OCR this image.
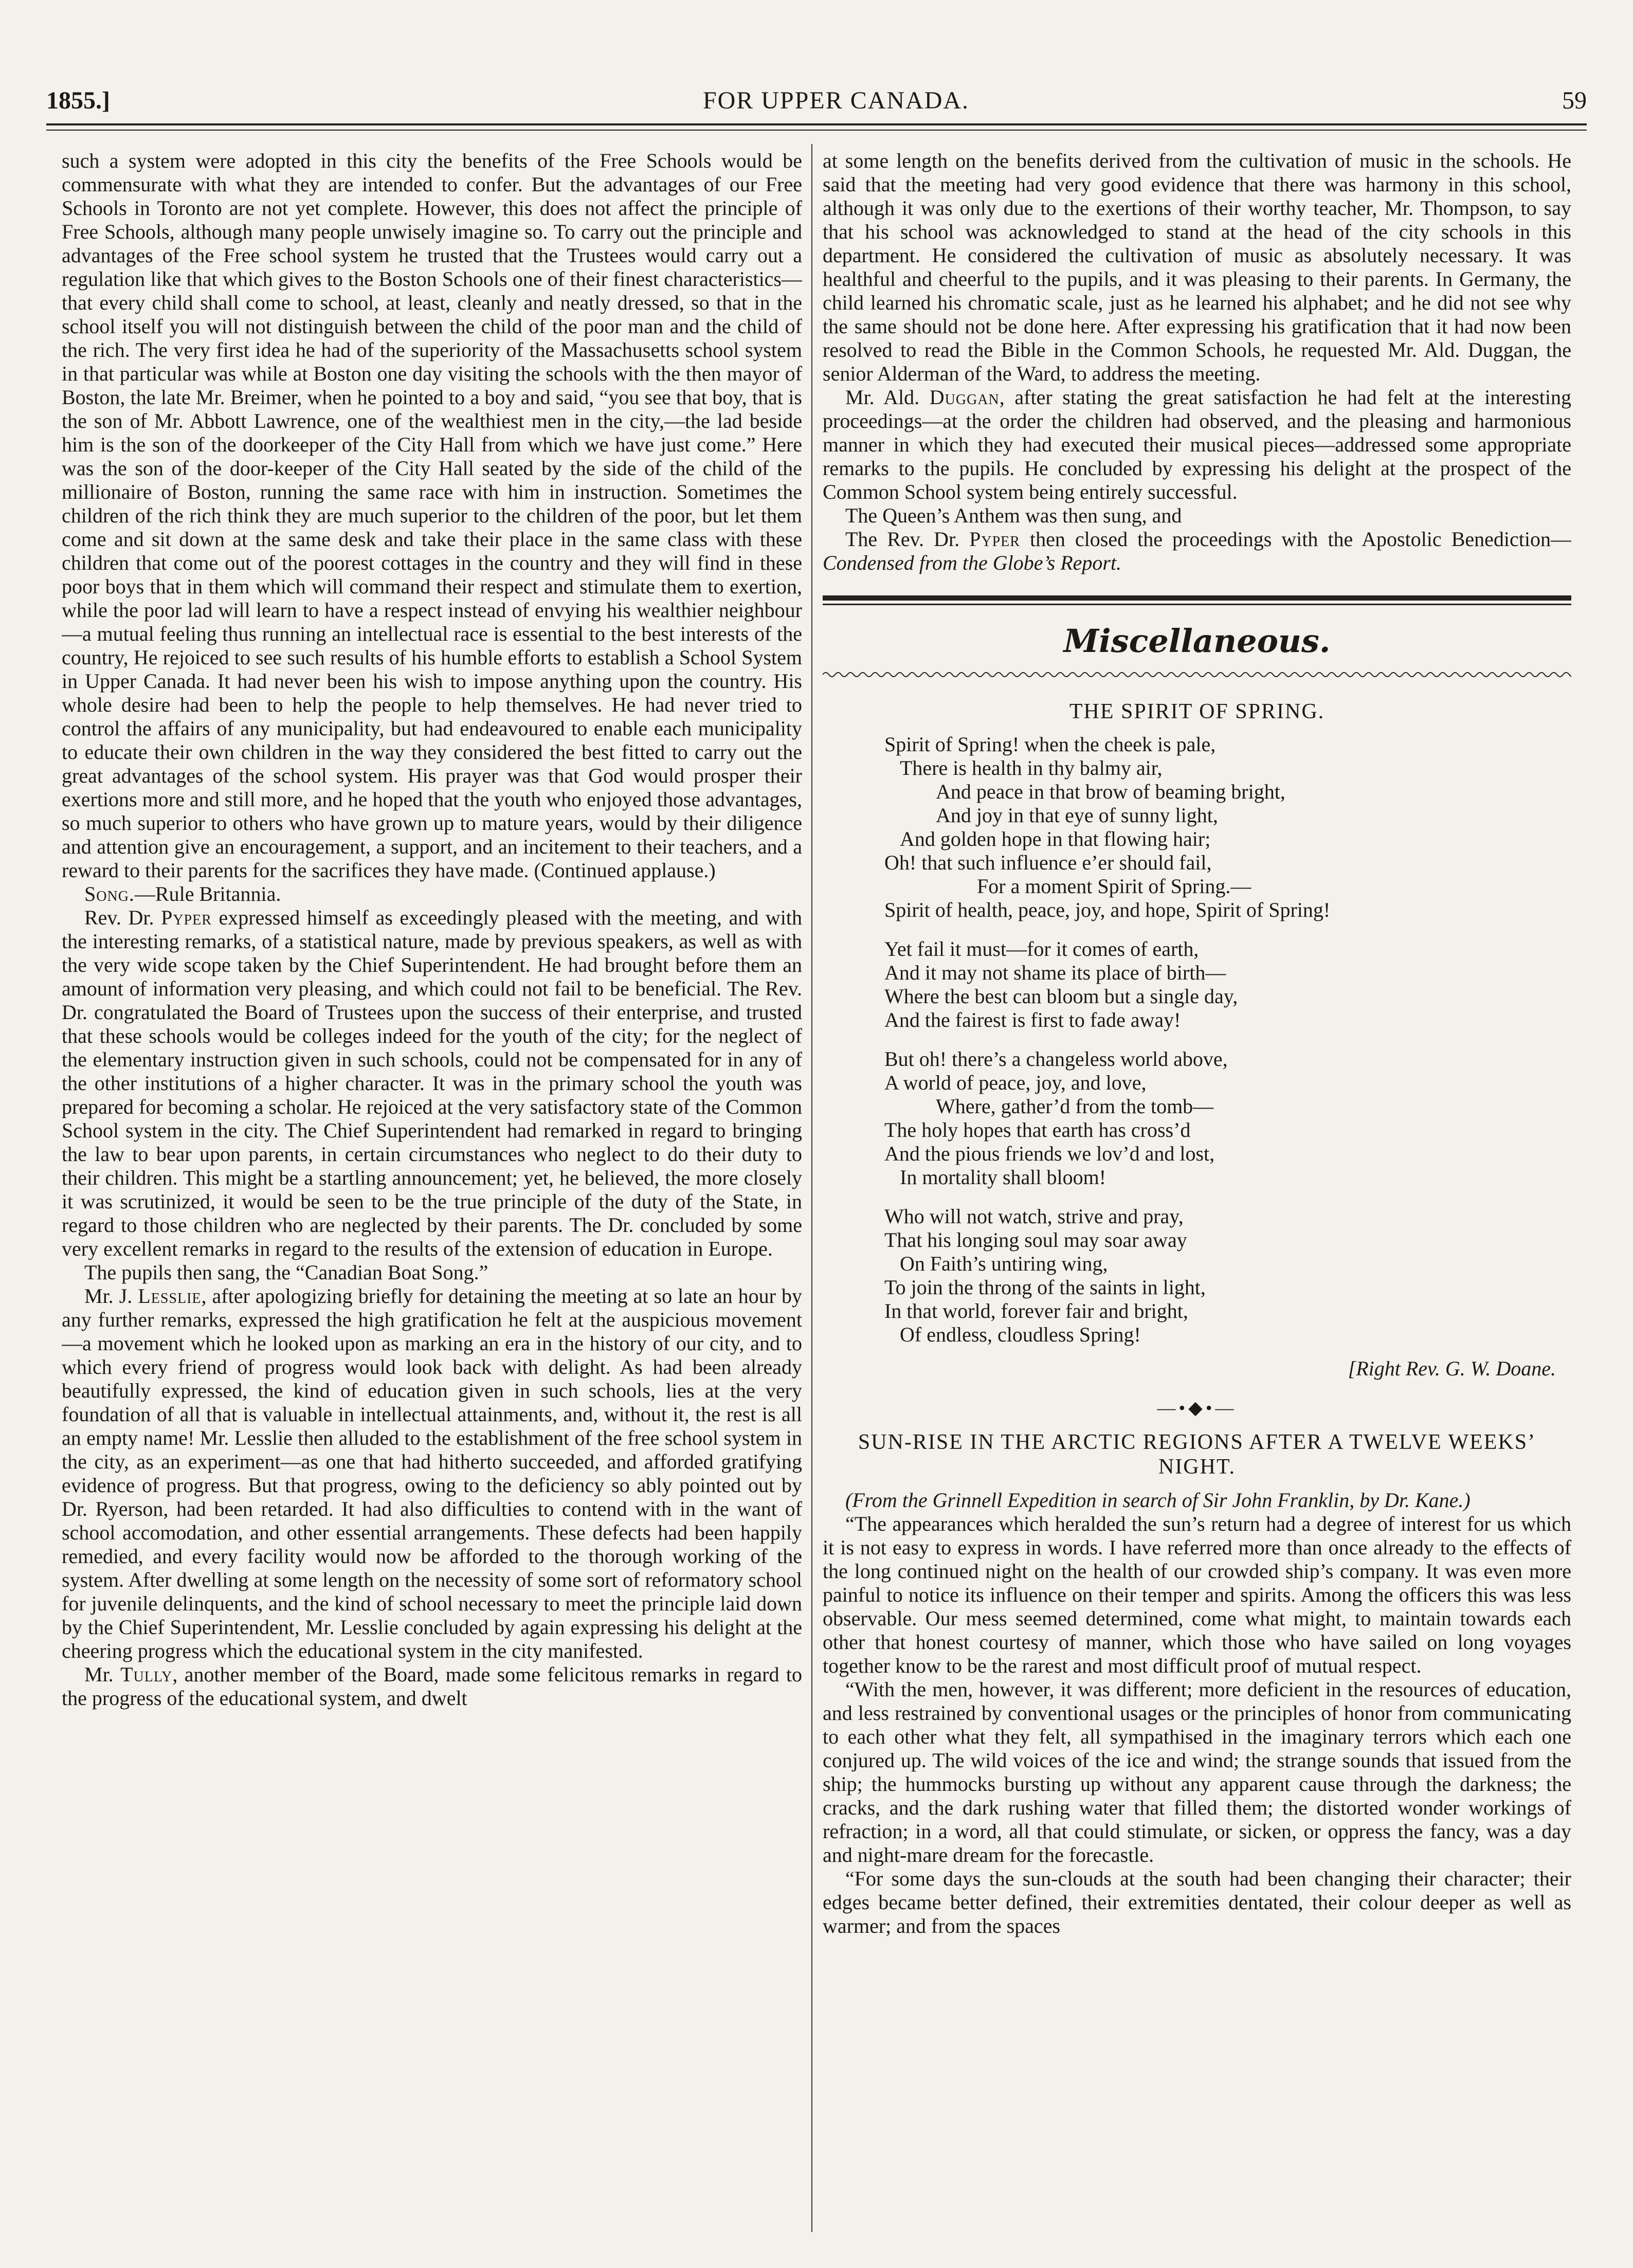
1855.]	FOR UPPER CANADA.	59

such a system were adopted in this city the benefits of the Free Schools would be commensurate with what they are intended to confer. But the advantages of our Free Schools in Toronto are not yet complete. However, this does not affect the principle of Free Schools, although many people unwisely imagine so. To carry out the principle and advantages of the Free school system he trusted that the Trustees would carry out a regulation like that which gives to the Boston Schools one of their finest characteristics—that every child shall come to school, at least, cleanly and neatly dressed, so that in the school itself you will not distinguish between the child of the poor man and the child of the rich. The very first idea he had of the superiority of the Massachusetts school system in that particular was while at Boston one day visiting the schools with the then mayor of Boston, the late Mr. Breimer, when he pointed to a boy and said, “you see that boy, that is the son of Mr. Abbott Lawrence, one of the wealthiest men in the city,—the lad beside him is the son of the doorkeeper of the City Hall from which we have just come.” Here was the son of the door-keeper of the City Hall seated by the side of the child of the millionaire of Boston, running the same race with him in instruction. Sometimes the children of the rich think they are much superior to the children of the poor, but let them come and sit down at the same desk and take their place in the same class with these children that come out of the poorest cottages in the country and they will find in these poor boys that in them which will command their respect and stimulate them to exertion, while the poor lad will learn to have a respect instead of envying his wealthier neighbour—a mutual feeling thus running an intellectual race is essential to the best interests of the country, He rejoiced to see such results of his humble efforts to establish a School System in Upper Canada. It had never been his wish to impose anything upon the country. His whole desire had been to help the people to help themselves. He had never tried to control the affairs of any municipality, but had endeavoured to enable each municipality to educate their own children in the way they considered the best fitted to carry out the great advantages of the school system. His prayer was that God would prosper their exertions more and still more, and he hoped that the youth who enjoyed those advantages, so much superior to others who have grown up to mature years, would by their diligence and attention give an encouragement, a support, and an incitement to their teachers, and a reward to their parents for the sacrifices they have made. (Continued applause.)

Song.—Rule Britannia.

Rev. Dr. Pyper expressed himself as exceedingly pleased with the meeting, and with the interesting remarks, of a statistical nature, made by previous speakers, as well as with the very wide scope taken by the Chief Superintendent. He had brought before them an amount of information very pleasing, and which could not fail to be beneficial. The Rev. Dr. congratulated the Board of Trustees upon the success of their enterprise, and trusted that these schools would be colleges indeed for the youth of the city; for the neglect of the elementary instruction given in such schools, could not be compensated for in any of the other institutions of a higher character. It was in the primary school the youth was prepared for becoming a scholar. He rejoiced at the very satisfactory state of the Common School system in the city. The Chief Superintendent had remarked in regard to bringing the law to bear upon parents, in certain circumstances who neglect to do their duty to their children. This might be a startling announcement; yet, he believed, the more closely it was scrutinized, it would be seen to be the true principle of the duty of the State, in regard to those children who are neglected by their parents. The Dr. concluded by some very excellent remarks in regard to the results of the extension of education in Europe.

The pupils then sang, the “Canadian Boat Song.”

Mr. J. Lesslie, after apologizing briefly for detaining the meeting at so late an hour by any further remarks, expressed the high gratification he felt at the auspicious movement—a movement which he looked upon as marking an era in the history of our city, and to which every friend of progress would look back with delight. As had been already beautifully expressed, the kind of education given in such schools, lies at the very foundation of all that is valuable in intellectual attainments, and, without it, the rest is all an empty name! Mr. Lesslie then alluded to the establishment of the free school system in the city, as an experiment—as one that had hitherto succeeded, and afforded gratifying evidence of progress. But that progress, owing to the deficiency so ably pointed out by Dr. Ryerson, had been retarded. It had also difficulties to contend with in the want of school accomodation, and other essential arrangements. These defects had been happily remedied, and every facility would now be afforded to the thorough working of the system. After dwelling at some length on the necessity of some sort of reformatory school for juvenile delinquents, and the kind of school necessary to meet the principle laid down by the Chief Superintendent, Mr. Lesslie concluded by again expressing his delight at the cheering progress which the educational system in the city manifested.

Mr. Tully, another member of the Board, made some felicitous remarks in regard to the progress of the educational system, and dwelt

at some length on the benefits derived from the cultivation of music in the schools. He said that the meeting had very good evidence that there was harmony in this school, although it was only due to the exertions of their worthy teacher, Mr. Thompson, to say that his school was acknowledged to stand at the head of the city schools in this department. He considered the cultivation of music as absolutely necessary. It was healthful and cheerful to the pupils, and it was pleasing to their parents. In Germany, the child learned his chromatic scale, just as he learned his alphabet; and he did not see why the same should not be done here. After expressing his gratification that it had now been resolved to read the Bible in the Common Schools, he requested Mr. Ald. Duggan, the senior Alderman of the Ward, to address the meeting.

Mr. Ald. Duggan, after stating the great satisfaction he had felt at the interesting proceedings—at the order the children had observed, and the pleasing and harmonious manner in which they had executed their musical pieces—addressed some appropriate remarks to the pupils. He concluded by expressing his delight at the prospect of the Common School system being entirely successful.

The Queen’s Anthem was then sung, and

The Rev. Dr. Pyper then closed the proceedings with the Apostolic Benediction—Condensed from the Globe’s Report.

Miscellaneous.
THE SPIRIT OF SPRING.
Spirit of Spring! when the cheek is pale,
There is health in thy balmy air,
And peace in that brow of beaming bright,
And joy in that eye of sunny light,
And golden hope in that flowing hair;
Oh! that such influence e’er should fail,
For a moment Spirit of Spring.—
Spirit of health, peace, joy, and hope, Spirit of Spring!
Yet fail it must—for it comes of earth,
And it may not shame its place of birth—
Where the best can bloom but a single day,
And the fairest is first to fade away!
But oh! there’s a changeless world above,
A world of peace, joy, and love,
Where, gather’d from the tomb—
The holy hopes that earth has cross’d
And the pious friends we lov’d and lost,
In mortality shall bloom!
Who will not watch, strive and pray,
That his longing soul may soar away
On Faith’s untiring wing,
To join the throng of the saints in light,
In that world, forever fair and bright,
Of endless, cloudless Spring!
[Right Rev. G. W. Doane.
—•◆•—
SUN-RISE IN THE ARCTIC REGIONS AFTER A TWELVE WEEKS’ NIGHT.

(From the Grinnell Expedition in search of Sir John Franklin, by Dr. Kane.)

“The appearances which heralded the sun’s return had a degree of interest for us which it is not easy to express in words. I have referred more than once already to the effects of the long continued night on the health of our crowded ship’s company. It was even more painful to notice its influence on their temper and spirits. Among the officers this was less observable. Our mess seemed determined, come what might, to maintain towards each other that honest courtesy of manner, which those who have sailed on long voyages together know to be the rarest and most difficult proof of mutual respect.

“With the men, however, it was different; more deficient in the resources of education, and less restrained by conventional usages or the principles of honor from communicating to each other what they felt, all sympathised in the imaginary terrors which each one conjured up. The wild voices of the ice and wind; the strange sounds that issued from the ship; the hummocks bursting up without any apparent cause through the darkness; the cracks, and the dark rushing water that filled them; the distorted wonder workings of refraction; in a word, all that could stimulate, or sicken, or oppress the fancy, was a day and night-mare dream for the forecastle.

“For some days the sun-clouds at the south had been changing their character; their edges became better defined, their extremities dentated, their colour deeper as well as warmer; and from the spaces
